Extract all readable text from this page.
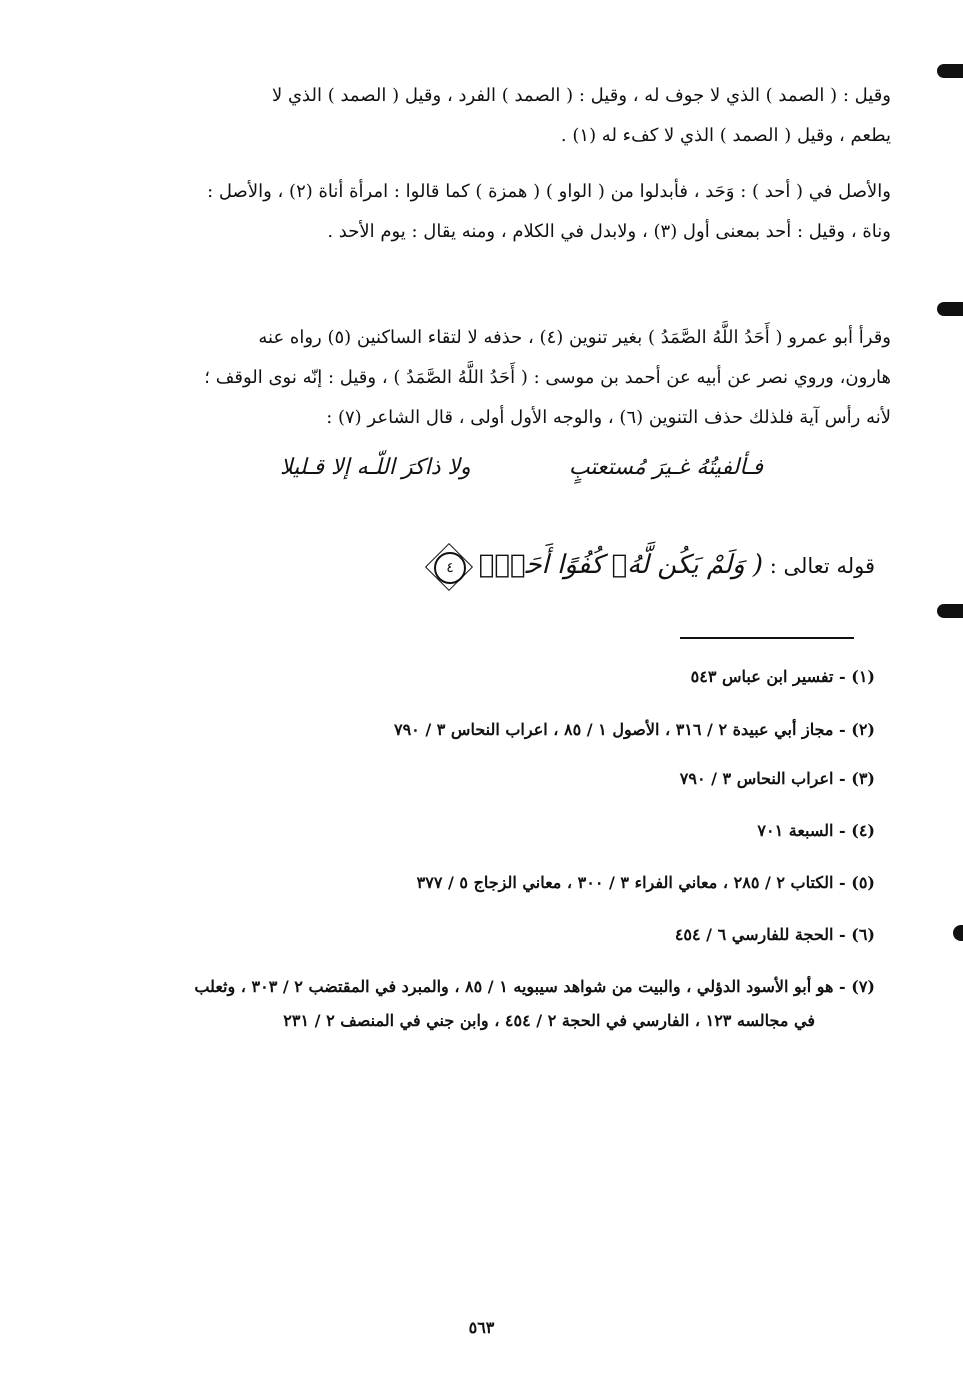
وقيل : ( الصمد ) الذي لا جوف له ، وقيل : ( الصمد ) الفرد ، وقيل ( الصمد ) الذي لا
يطعم ، وقيل ( الصمد ) الذي لا كفء له (١) .
والأصل في ( أحد ) : وَحَد ، فأبدلوا من ( الواو ) ( همزة ) كما قالوا : امرأة أناة (٢) ، والأصل :
وناة ، وقيل : أحد بمعنى أول (٣) ، ولابدل في الكلام ، ومنه يقال : يوم الأحد .
وقرأ أبو عمرو ( أَحَدُ اللَّهُ الصَّمَدُ ) بغير تنوين (٤) ، حذفه لا لتقاء الساكنين (٥) رواه عنه
هارون، وروي نصر عن أبيه عن أحمد بن موسى : ( أَحَدُ اللَّهُ الصَّمَدُ ) ، وقيل : إنّه نوى الوقف ؛
لأنه رأس آية فلذلك حذف التنوين (٦) ، والوجه الأول أولى ، قال الشاعر (٧) :
فـألفيتُهُ غـيرَ مُستعتبٍ
ولا ذاكرَ اللّـه إلا قـليلا
قوله تعالى : ( وَلَمْ يَكُن لَّهُۥ كُفُوًا أَحَدٌۢ ٤
(١) - تفسير ابن عباس ٥٤٣
(٢) - مجاز أبي عبيدة ٢ / ٣١٦ ، الأصول ١ / ٨٥ ، اعراب النحاس ٣ / ٧٩٠
(٣) - اعراب النحاس ٣ / ٧٩٠
(٤) - السبعة ٧٠١
(٥) - الكتاب ٢ / ٢٨٥ ، معاني الفراء ٣ / ٣٠٠ ، معاني الزجاج ٥ / ٣٧٧
(٦) - الحجة للفارسي ٦ / ٤٥٤
(٧) - هو أبو الأسود الدؤلي ، والبيت من شواهد سيبويه ١ / ٨٥ ، والمبرد في المقتضب ٢ / ٣٠٣ ، وثعلب
في مجالسه ١٢٣ ، الفارسي في الحجة ٢ / ٤٥٤ ، وابن جني في المنصف ٢ / ٢٣١
٥٦٣
